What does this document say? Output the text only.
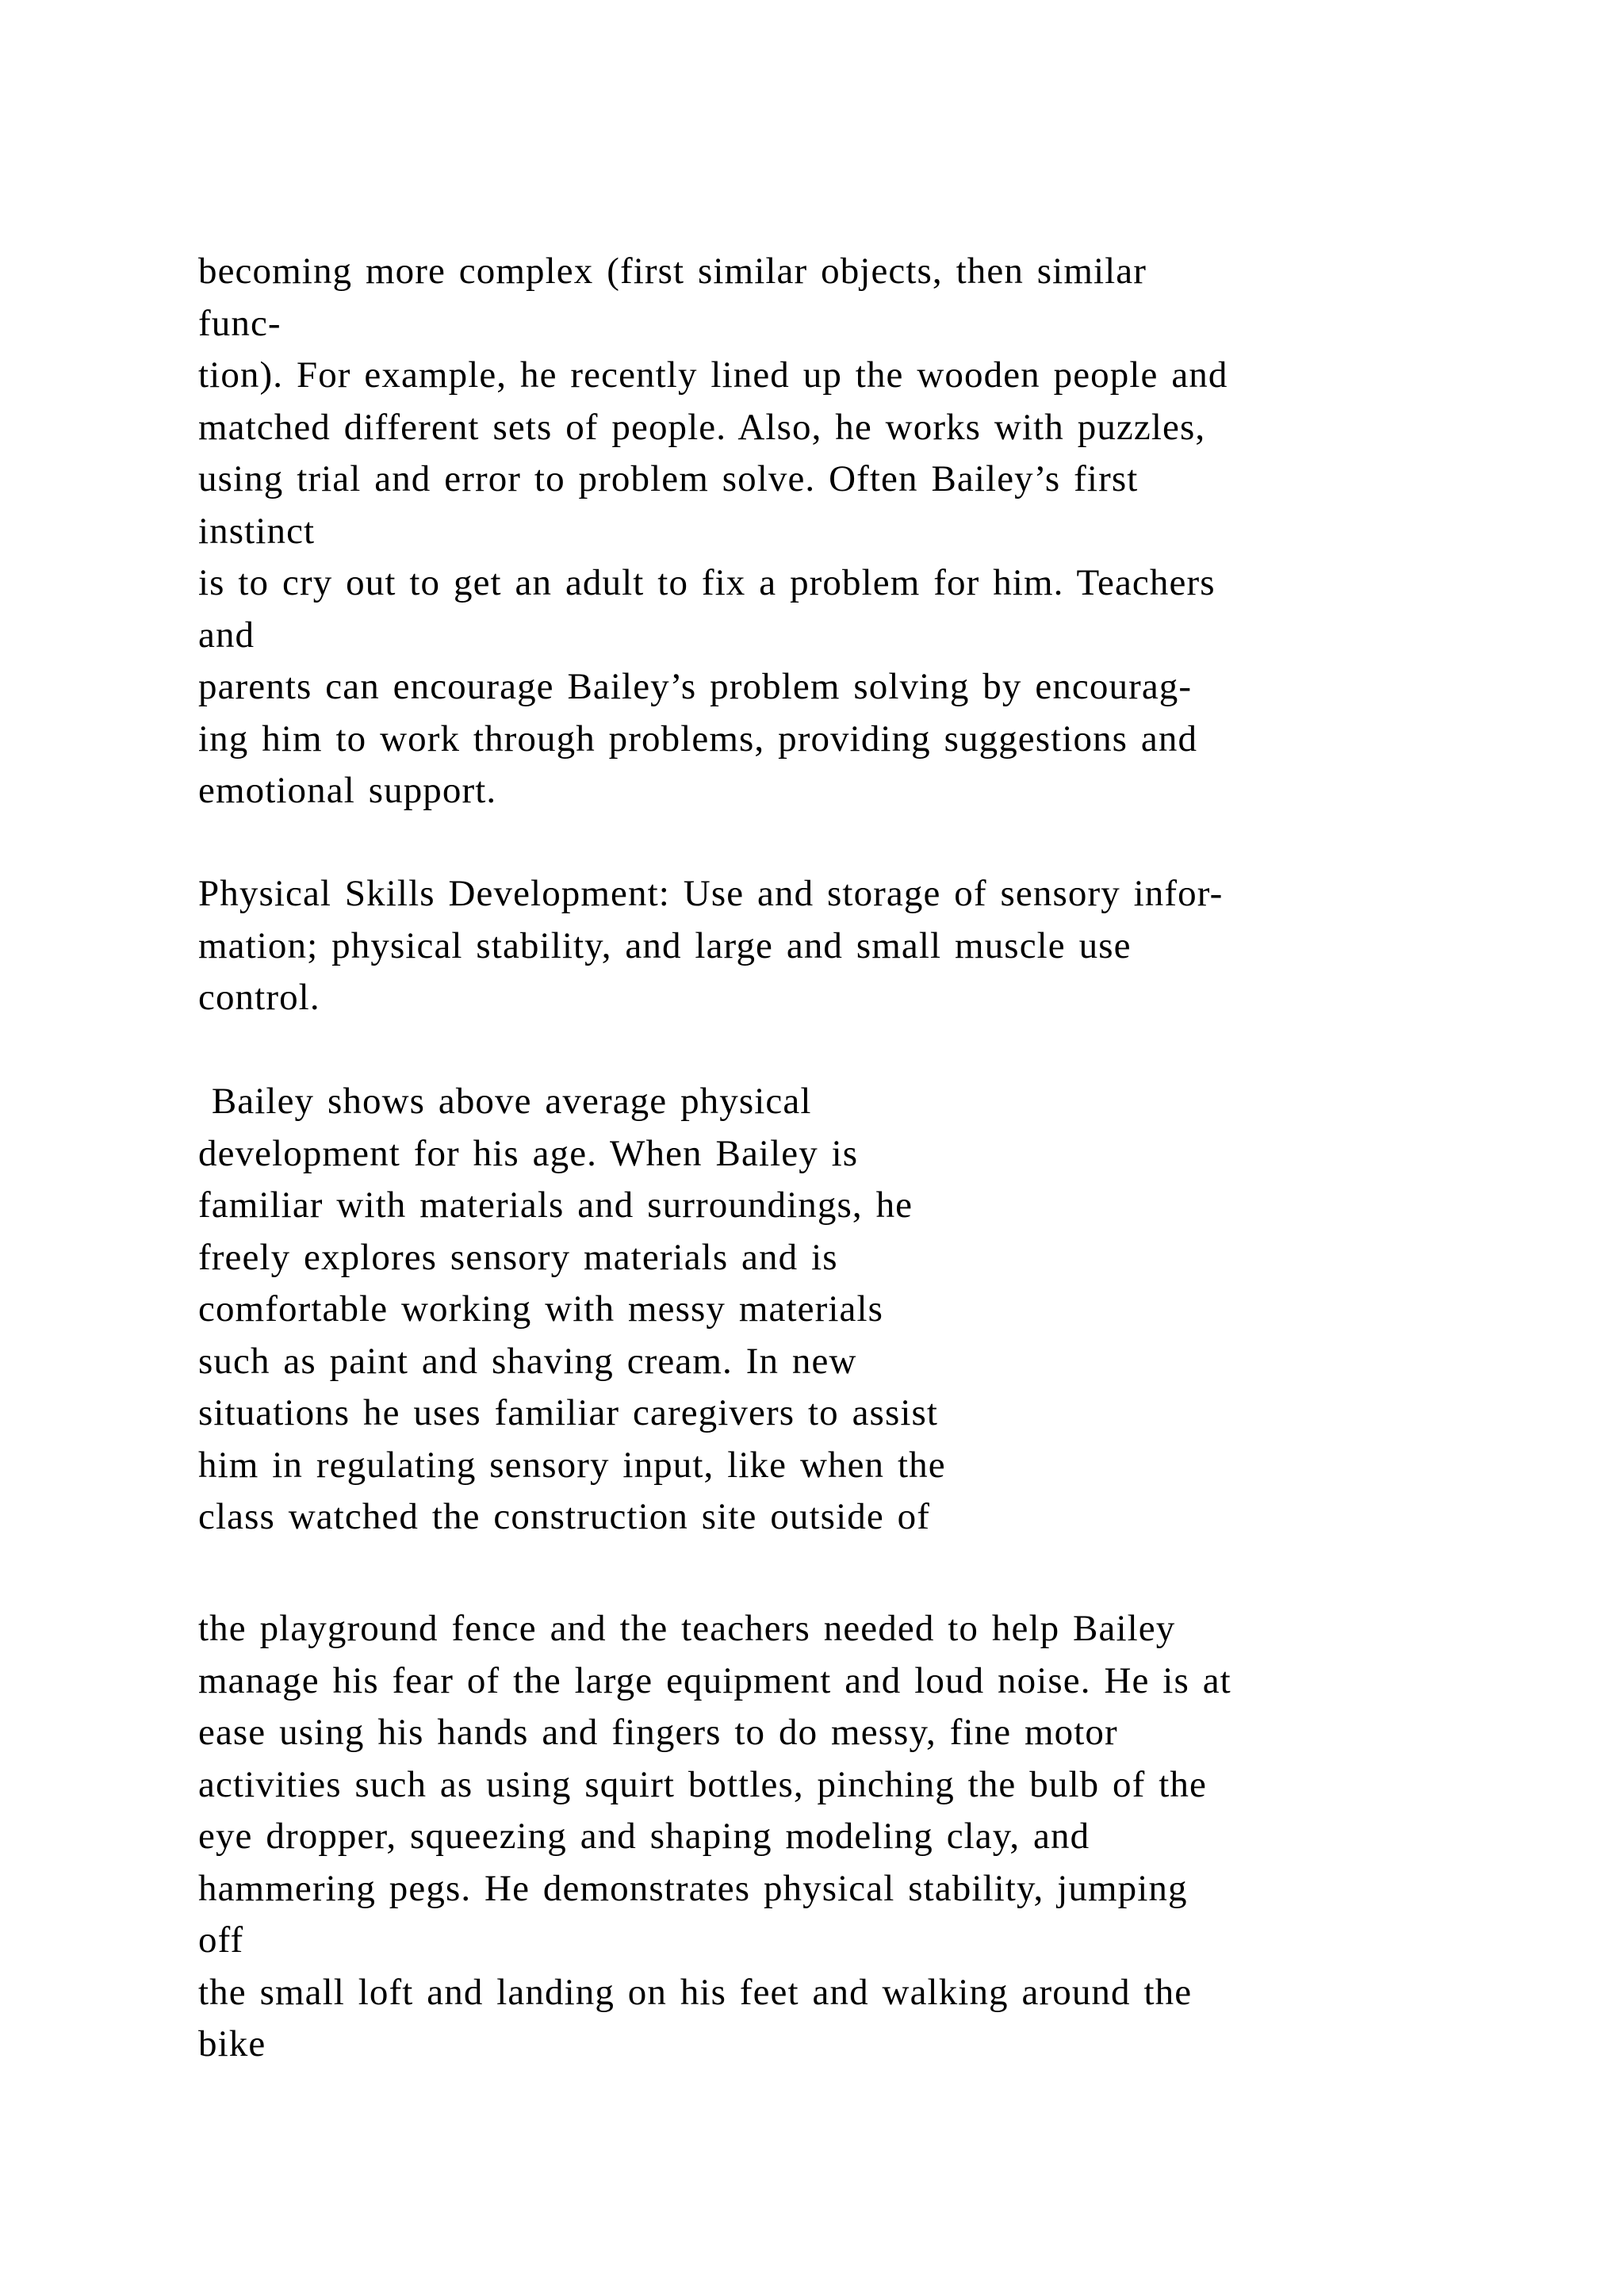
becoming more complex (first similar objects, then similar
func-
tion). For example, he recently lined up the wooden people and
matched different sets of people. Also, he works with puzzles,
using trial and error to problem solve. Often Bailey’s first
instinct
is to cry out to get an adult to fix a problem for him. Teachers
and
parents can encourage Bailey’s problem solving by encourag-
ing him to work through problems, providing suggestions and
emotional support.
Physical Skills Development: Use and storage of sensory infor-
mation; physical stability, and large and small muscle use
control.
Bailey shows above average physical
development for his age. When Bailey is
familiar with materials and surroundings, he
freely explores sensory materials and is
comfortable working with messy materials
such as paint and shaving cream. In new
situations he uses familiar caregivers to assist
him in regulating sensory input, like when the
class watched the construction site outside of
the playground fence and the teachers needed to help Bailey
manage his fear of the large equipment and loud noise. He is at
ease using his hands and fingers to do messy, fine motor
activities such as using squirt bottles, pinching the bulb of the
eye dropper, squeezing and shaping modeling clay, and
hammering pegs. He demonstrates physical stability, jumping
off
the small loft and landing on his feet and walking around the
bike
